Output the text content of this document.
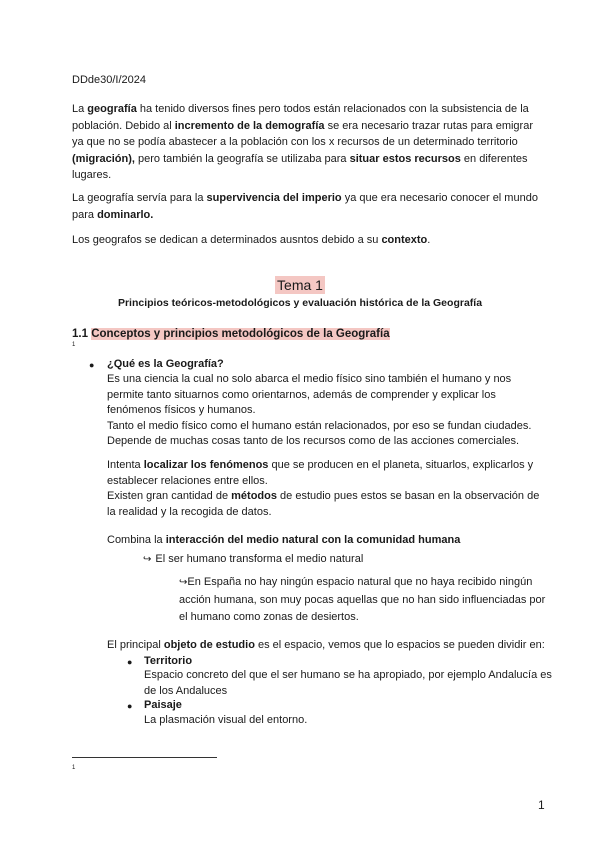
DDde30/I/2024
La geografía ha tenido diversos fines pero todos están relacionados con la subsistencia de la población. Debido al incremento de la demografía se era necesario trazar rutas para emigrar ya que no se podía abastecer a la población con los x recursos de un determinado territorio (migración), pero también la geografía se utilizaba para situar estos recursos en diferentes lugares.
La geografía servía para la supervivencia del imperio ya que era necesario conocer el mundo para dominarlo.
Los geografos se dedican a determinados ausntos debido a su contexto.
Tema 1
Principios teóricos-metodológicos y evaluación histórica de la Geografía
1.1 Conceptos y principios metodológicos de la Geografía
1
● ¿Qué es la Geografía?
Es una ciencia la cual no solo abarca el medio físico sino también el humano y nos permite tanto situarnos como orientarnos, además de comprender y explicar los fenómenos físicos y humanos.
Tanto el medio físico como el humano están relacionados, por eso se fundan ciudades.
Depende de muchas cosas tanto de los recursos como de las acciones comerciales.
Intenta localizar los fenómenos que se producen en el planeta, situarlos, explicarlos y establecer relaciones entre ellos.
Existen gran cantidad de métodos de estudio pues estos se basan en la observación de la realidad y la recogida de datos.
Combina la interacción del medio natural con la comunidad humana
↪ El ser humano transforma el medio natural
↪En España no hay ningún espacio natural que no haya recibido ningún acción humana, son muy pocas aquellas que no han sido influenciadas por el humano como zonas de desiertos.
El principal objeto de estudio es el espacio, vemos que lo espacios se pueden dividir en:
● Territorio
Espacio concreto del que el ser humano se ha apropiado, por ejemplo Andalucía es de los Andaluces
● Paisaje
La plasmación visual del entorno.
1
1
